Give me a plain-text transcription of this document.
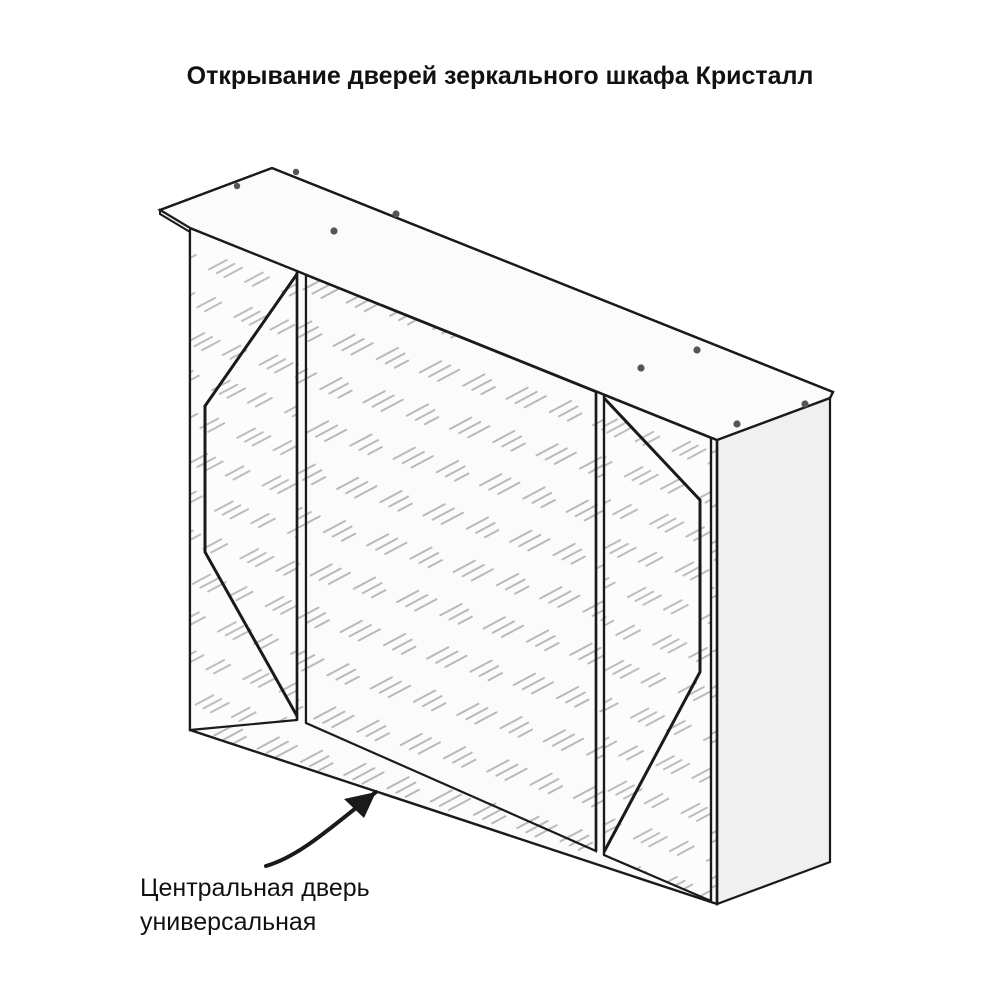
Открывание дверей зеркального шкафа Кристалл
Центральная дверь
универсальная
